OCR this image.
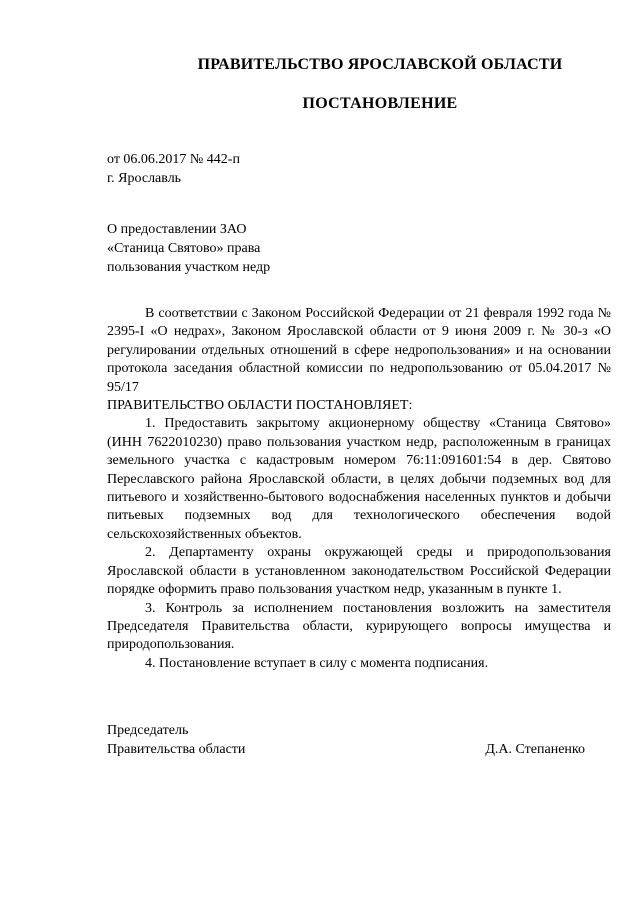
ПРАВИТЕЛЬСТВО ЯРОСЛАВСКОЙ ОБЛАСТИ
ПОСТАНОВЛЕНИЕ
от 06.06.2017 № 442-п
г. Ярославль
О предоставлении ЗАО
«Станица Святово» права
пользования участком недр

В соответствии с Законом Российской Федерации от 21 февраля 1992 года № 2395-I «О недрах», Законом Ярославской области от 9 июня 2009 г. № 30-з «О регулировании отдельных отношений в сфере недропользования» и на основании протокола заседания областной комиссии по недропользованию от 05.04.2017 № 95/17

ПРАВИТЕЛЬСТВО ОБЛАСТИ ПОСТАНОВЛЯЕТ:

1. Предоставить закрытому акционерному обществу «Станица Святово» (ИНН 7622010230) право пользования участком недр, расположенным в границах земельного участка с кадастровым номером 76:11:091601:54 в дер. Святово Переславского района Ярославской области, в целях добычи подземных вод для питьевого и хозяйственно-бытового водоснабжения населенных пунктов и добычи питьевых подземных вод для технологического обеспечения водой сельскохозяйственных объектов.

2. Департаменту охраны окружающей среды и природопользования Ярославской области в установленном законодательством Российской Федерации порядке оформить право пользования участком недр, указанным в пункте 1.

3. Контроль за исполнением постановления возложить на заместителя Председателя Правительства области, курирующего вопросы имущества и природопользования.

4. Постановление вступает в силу с момента подписания.

Председатель
Правительства области	Д.А. Степаненко
